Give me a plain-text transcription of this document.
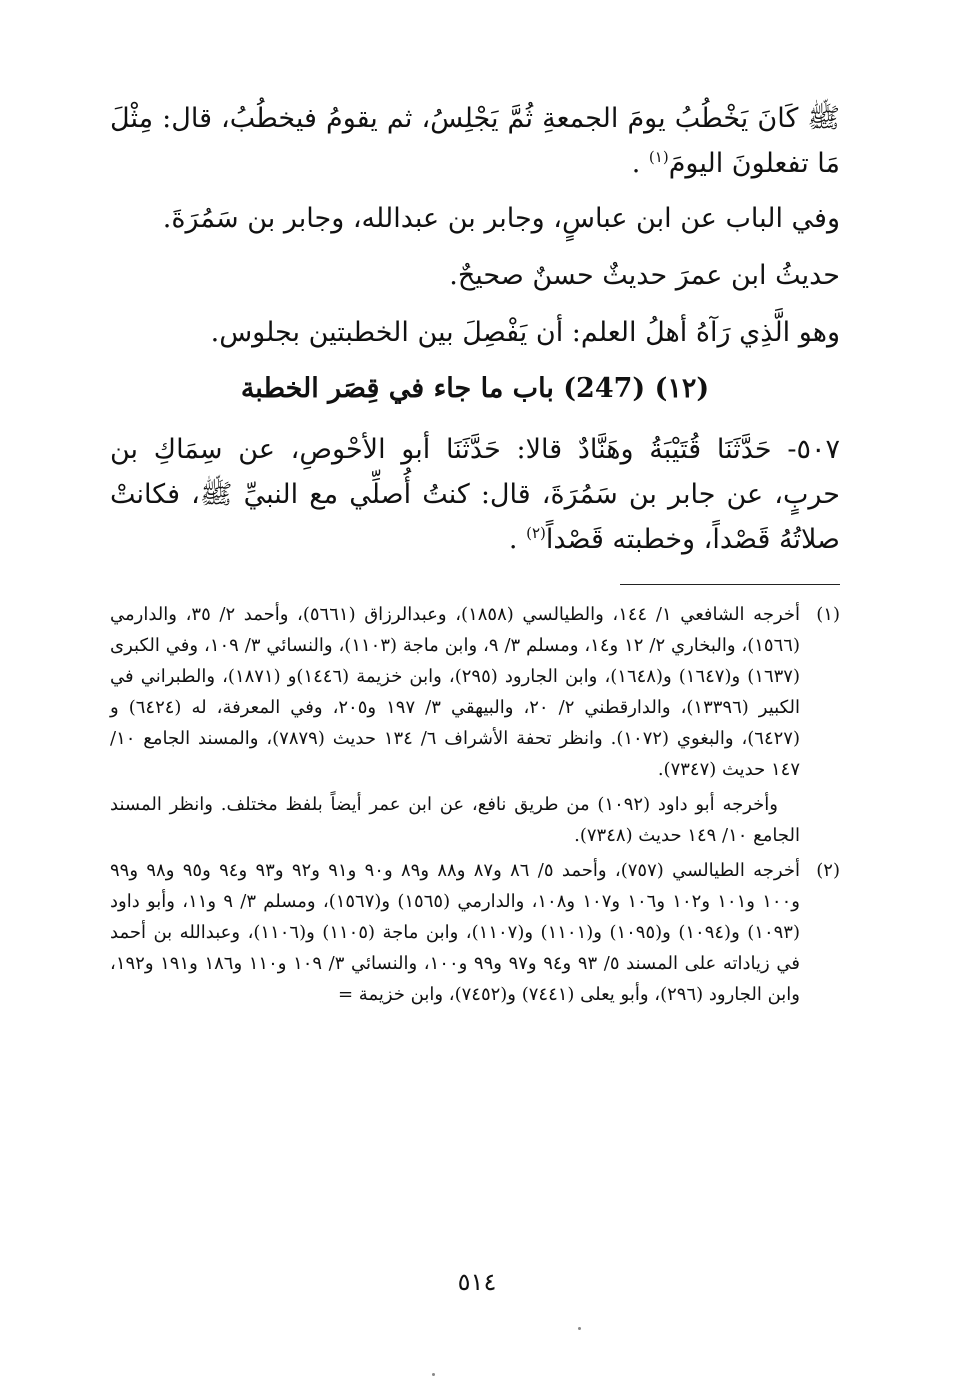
ﷺ كَانَ يَخْطُبُ يومَ الجمعةِ ثُمَّ يَجْلِسُ، ثم يقومُ فيخطُبُ، قال: مِثْلَ مَا تفعلونَ اليومَ$^{(١)}$ .

وفي الباب عن ابن عباسٍ، وجابر بن عبدالله، وجابر بن سَمُرَةَ.

حديثُ ابن عمرَ حديثٌ حسنٌ صحيحٌ.

وهو الَّذِي رَآهُ أهلُ العلم: أن يَفْصِلَ بين الخطبتين بجلوس.

(١٢) (247) باب ما جاء في قِصَر الخطبة

٥٠٧- حَدَّثَنَا قُتَيْبَةُ وهَنَّادٌ قالا: حَدَّثَنَا أبو الأحْوصِ، عن سِمَاكِ بن حربٍ، عن جابر بن سَمُرَةَ، قال: كنتُ أُصلِّي مع النبيِّ ﷺ، فكانتْ صلاتُهُ قَصْداً، وخطبته قَصْداً$^{(٢)}$ .

(١)

أخرجه الشافعي ١/ ١٤٤، والطيالسي (١٨٥٨)، وعبدالرزاق (٥٦٦١)، وأحمد ٢/ ٣٥، والدارمي (١٥٦٦)، والبخاري ٢/ ١٢ و١٤، ومسلم ٣/ ٩، وابن ماجة (١١٠٣)، والنسائي ٣/ ١٠٩، وفي الكبرى (١٦٣٧) و(١٦٤٧) و(١٦٤٨)، وابن الجارود (٢٩٥)، وابن خزيمة (١٤٤٦)و (١٨٧١)، والطبراني في الكبير (١٣٣٩٦)، والدارقطني ٢/ ٢٠، والبيهقي ٣/ ١٩٧ و٢٠٥، وفي المعرفة، له (٦٤٢٤) و (٦٤٢٧)، والبغوي (١٠٧٢). وانظر تحفة الأشراف ٦/ ١٣٤ حديث (٧٨٧٩)، والمسند الجامع ١٠/ ١٤٧ حديث (٧٣٤٧).

وأخرجه أبو داود (١٠٩٢) من طريق نافع، عن ابن عمر أيضاً بلفظ مختلف. وانظر المسند الجامع ١٠/ ١٤٩ حديث (٧٣٤٨).

(٢)

أخرجه الطيالسي (٧٥٧)، وأحمد ٥/ ٨٦ و٨٧ و٨٨ و٨٩ و٩٠ و٩١ و٩٢ و٩٣ و٩٤ و٩٥ و٩٨ و٩٩ و١٠٠ و١٠١ و١٠٢ و١٠٦ و١٠٧ و١٠٨، والدارمي (١٥٦٥) و(١٥٦٧)، ومسلم ٣/ ٩ و١١، وأبو داود (١٠٩٣) و(١٠٩٤) و(١٠٩٥) و(١١٠١) و(١١٠٧)، وابن ماجة (١١٠٥) و(١١٠٦)، وعبدالله بن أحمد في زياداته على المسند ٥/ ٩٣ و٩٤ و٩٧ و٩٩ و١٠٠، والنسائي ٣/ ١٠٩ و١١٠ و١٨٦ و١٩١ و١٩٢، وابن الجارود (٢٩٦)، وأبو يعلى (٧٤٤١) و(٧٤٥٢)، وابن خزيمة =

٥١٤
